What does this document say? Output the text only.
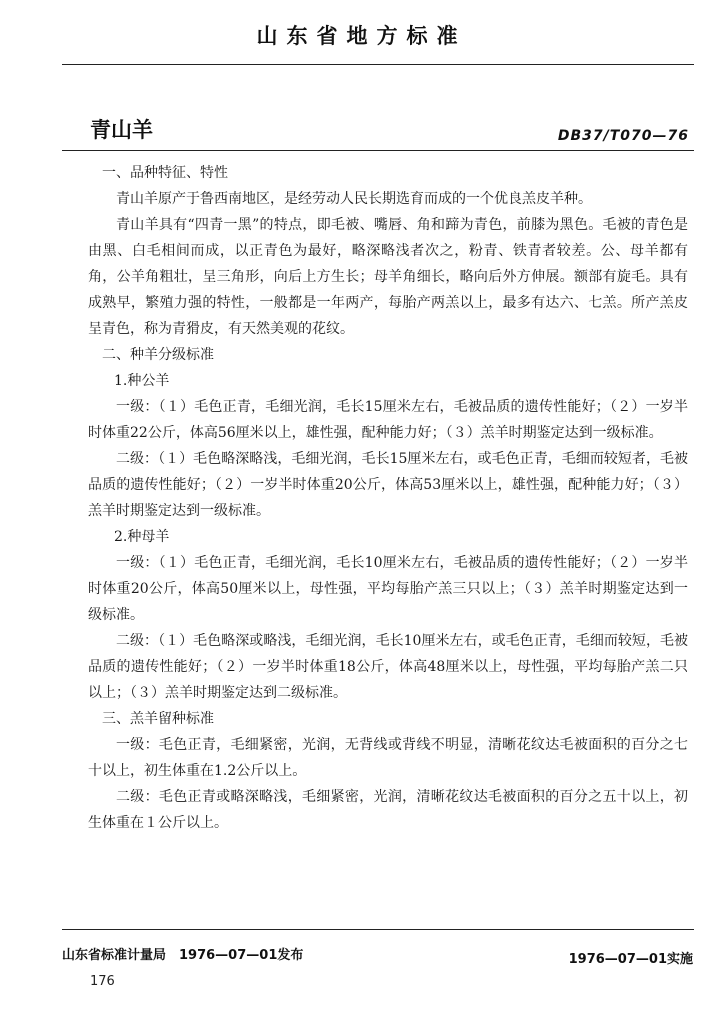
山东省地方标准
青山羊	DB37/T070—76

一、品种特征、特性

青山羊原产于鲁西南地区，是经劳动人民长期选育而成的一个优良羔皮羊种。

青山羊具有“四青一黑”的特点，即毛被、嘴唇、角和蹄为青色，前膝为黑色。毛被的青色是由黑、白毛相间而成，以正青色为最好，略深略浅者次之，粉青、铁青者较差。公、母羊都有角，公羊角粗壮，呈三角形，向后上方生长；母羊角细长，略向后外方伸展。额部有旋毛。具有成熟早，繁殖力强的特性，一般都是一年两产，每胎产两羔以上，最多有达六、七羔。所产羔皮呈青色，称为青猾皮，有天然美观的花纹。

二、种羊分级标准

1.种公羊

一级：（１）毛色正青，毛细光润，毛长15厘米左右，毛被品质的遗传性能好；（２）一岁半时体重22公斤，体高56厘米以上，雄性强，配种能力好；（３）羔羊时期鉴定达到一级标准。

二级：（１）毛色略深略浅，毛细光润，毛长15厘米左右，或毛色正青，毛细而较短者，毛被品质的遗传性能好；（２）一岁半时体重20公斤，体高53厘米以上，雄性强，配种能力好；（３）羔羊时期鉴定达到一级标准。

2.种母羊

一级：（１）毛色正青，毛细光润，毛长10厘米左右，毛被品质的遗传性能好；（２）一岁半时体重20公斤，体高50厘米以上，母性强，平均每胎产羔三只以上；（３）羔羊时期鉴定达到一级标准。

二级：（１）毛色略深或略浅，毛细光润，毛长10厘米左右，或毛色正青，毛细而较短，毛被品质的遗传性能好；（２）一岁半时体重18公斤，体高48厘米以上，母性强，平均每胎产羔二只以上；（３）羔羊时期鉴定达到二级标准。

三、羔羊留种标准

一级：毛色正青，毛细紧密，光润，无背线或背线不明显，清晰花纹达毛被面积的百分之七十以上，初生体重在1.2公斤以上。

二级：毛色正青或略深略浅，毛细紧密，光润，清晰花纹达毛被面积的百分之五十以上，初生体重在１公斤以上。

山东省标准计量局　1976—07—01发布	1976—07—01实施
176
